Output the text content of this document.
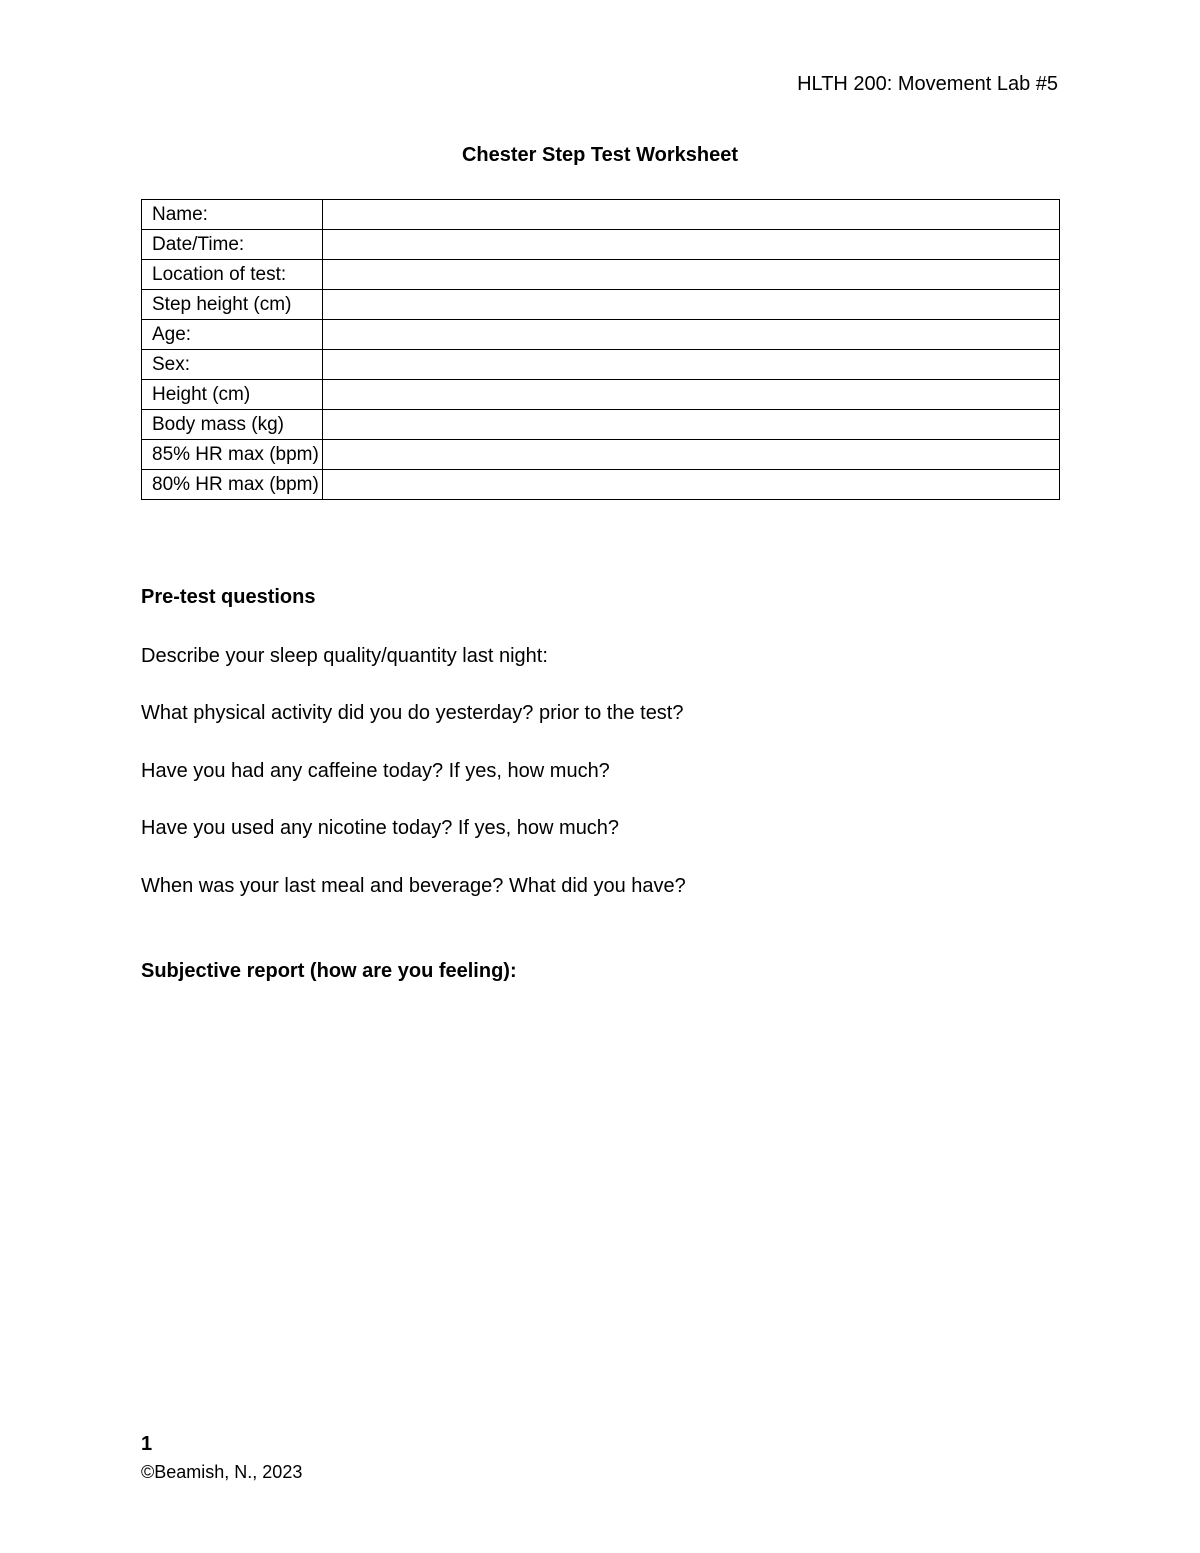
HLTH 200: Movement Lab #5
Chester Step Test Worksheet
Name:	
Date/Time:	
Location of test:	
Step height (cm)	
Age:	
Sex:	
Height (cm)	
Body mass (kg)	
85% HR max (bpm)	
80% HR max (bpm)	
Pre-test questions
Describe your sleep quality/quantity last night:
What physical activity did you do yesterday? prior to the test?
Have you had any caffeine today? If yes, how much?
Have you used any nicotine today? If yes, how much?
When was your last meal and beverage? What did you have?
Subjective report (how are you feeling):
1
©Beamish, N., 2023
